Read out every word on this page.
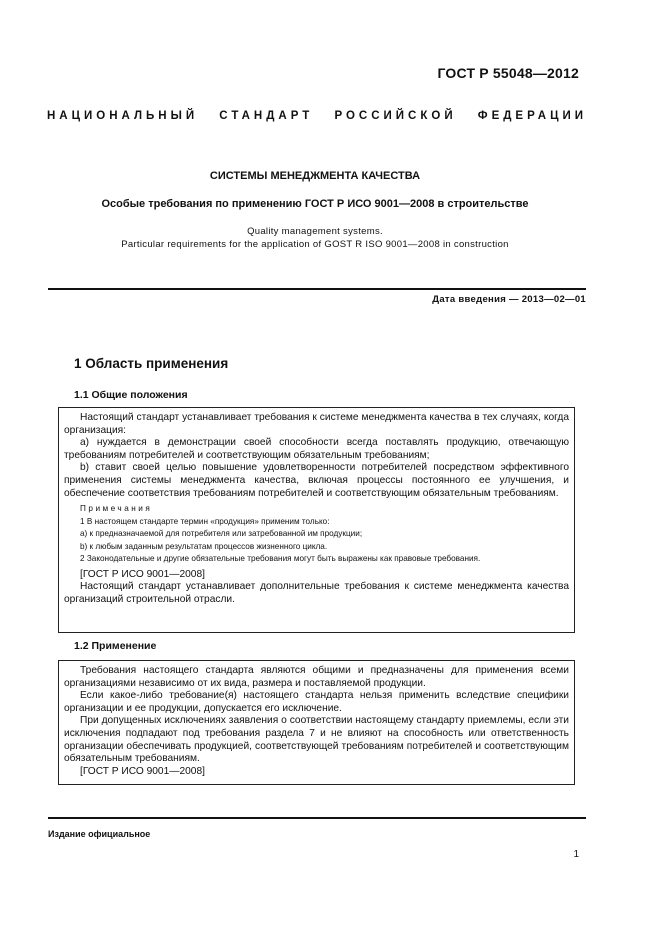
ГОСТ Р 55048—2012
НАЦИОНАЛЬНЫЙ СТАНДАРТ РОССИЙСКОЙ ФЕДЕРАЦИИ
СИСТЕМЫ МЕНЕДЖМЕНТА КАЧЕСТВА
Особые требования по применению ГОСТ Р ИСО 9001—2008 в строительстве
Quality management systems.
Particular requirements for the application of GOST R ISO 9001—2008 in construction
Дата введения — 2013—02—01
1 Область применения
1.1 Общие положения

Настоящий стандарт устанавливает требования к системе менеджмента качества в тех случаях, когда организация:

а) нуждается в демонстрации своей способности всегда поставлять продукцию, отвечающую требованиям потребителей и соответствующим обязательным требованиям;

b) ставит своей целью повышение удовлетворенности потребителей посредством эффективного применения системы менеджмента качества, включая процессы постоянного ее улучшения, и обеспечение соответствия требованиям потребителей и соответствующим обязательным требованиям.

Примечания

1 В настоящем стандарте термин «продукция» применим только:

а) к предназначаемой для потребителя или затребованной им продукции;

b) к любым заданным результатам процессов жизненного цикла.

2 Законодательные и другие обязательные требования могут быть выражены как правовые требования.

[ГОСТ Р ИСО 9001—2008]

Настоящий стандарт устанавливает дополнительные требования к системе менеджмента качества организаций строительной отрасли.

1.2 Применение

Требования настоящего стандарта являются общими и предназначены для применения всеми организациями независимо от их вида, размера и поставляемой продукции.

Если какое-либо требование(я) настоящего стандарта нельзя применить вследствие специфики организации и ее продукции, допускается его исключение.

При допущенных исключениях заявления о соответствии настоящему стандарту приемлемы, если эти исключения подпадают под требования раздела 7 и не влияют на способность или ответственность организации обеспечивать продукцией, соответствующей требованиям потребителей и соответствующим обязательным требованиям.

[ГОСТ Р ИСО 9001—2008]

Издание официальное
1
